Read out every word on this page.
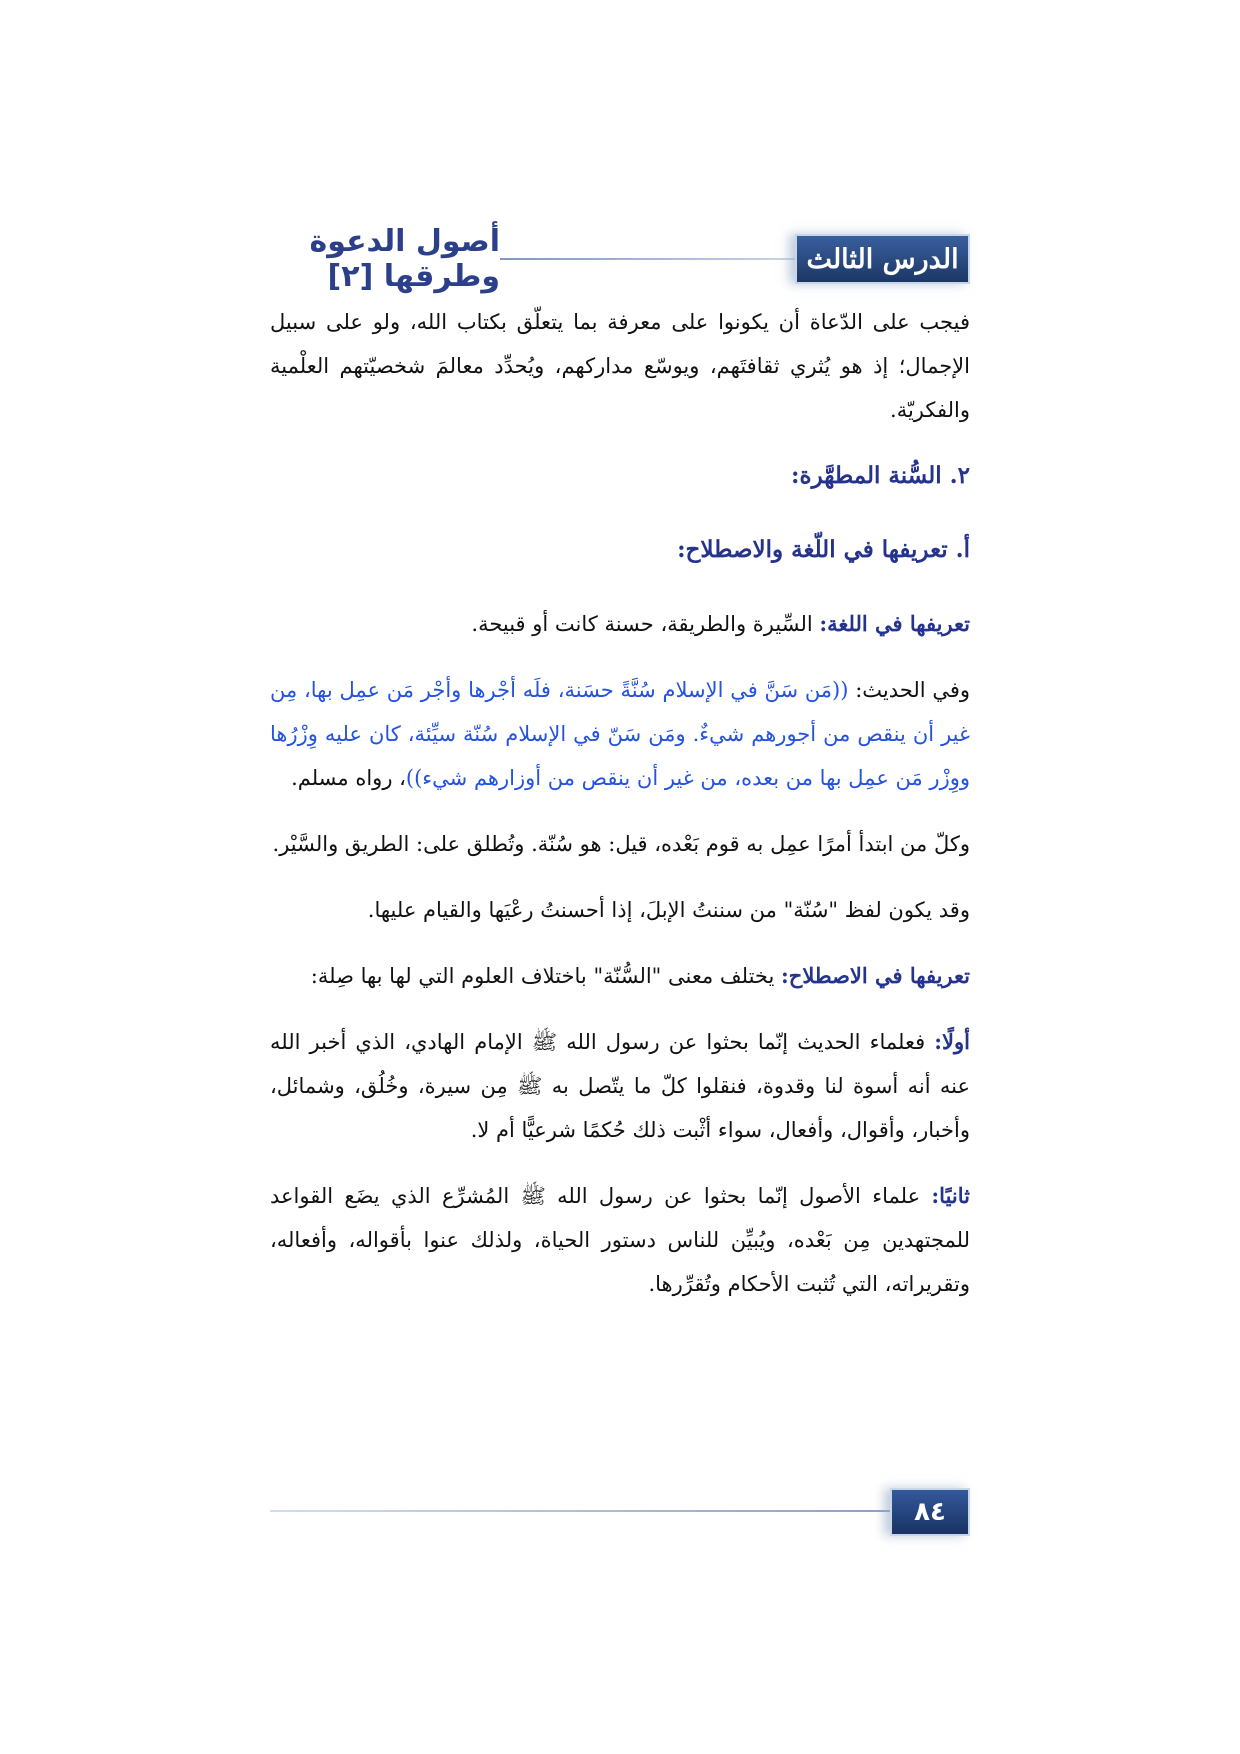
أصول الدعوة وطرقها [٢]	الدرس الثالث

فيجب على الدّعاة أن يكونوا على معرفة بما يتعلّق بكتاب الله، ولو على سبيل الإجمال؛ إذ هو يُثري ثقافتَهم، ويوسّع مداركهم، ويُحدِّد معالمَ شخصيّتهم العلْمية والفكريّة.

٢. السُّنة المطهَّرة:
أ. تعريفها في اللّغة والاصطلاح:

تعريفها في اللغة: السِّيرة والطريقة، حسنة كانت أو قبيحة.

وفي الحديث: ((مَن سَنَّ في الإسلام سُنَّةً حسَنة، فلَه أجْرها وأجْر مَن عمِل بها، مِن غير أن ينقص من أجورهم شيءٌ. ومَن سَنّ في الإسلام سُنّة سيِّئة، كان عليه وِزْرُها ووِزْر مَن عمِل بها من بعده، من غير أن ينقص من أوزارهم شيء))، رواه مسلم.

وكلّ من ابتدأ أمرًا عمِل به قوم بَعْده، قيل: هو سُنّة. وتُطلق على: الطريق والسَّيْر.

وقد يكون لفظ "سُنّة" من سننتُ الإبلَ، إذا أحسنتُ رعْيَها والقيام عليها.

تعريفها في الاصطلاح: يختلف معنى "السُّنّة" باختلاف العلوم التي لها بها صِلة:

أولًا: فعلماء الحديث إنّما بحثوا عن رسول الله ﷺ الإمام الهادي، الذي أخبر الله عنه أنه أسوة لنا وقدوة، فنقلوا كلّ ما يتّصل به ﷺ مِن سيرة، وخُلُق، وشمائل، وأخبار، وأقوال، وأفعال، سواء أثْبت ذلك حُكمًا شرعيًّا أم لا.

ثانيًا: علماء الأصول إنّما بحثوا عن رسول الله ﷺ المُشرِّع الذي يضَع القواعد للمجتهدين مِن بَعْده، ويُبيِّن للناس دستور الحياة، ولذلك عنوا بأقواله، وأفعاله، وتقريراته، التي تُثبت الأحكام وتُقرِّرها.

٨٤
